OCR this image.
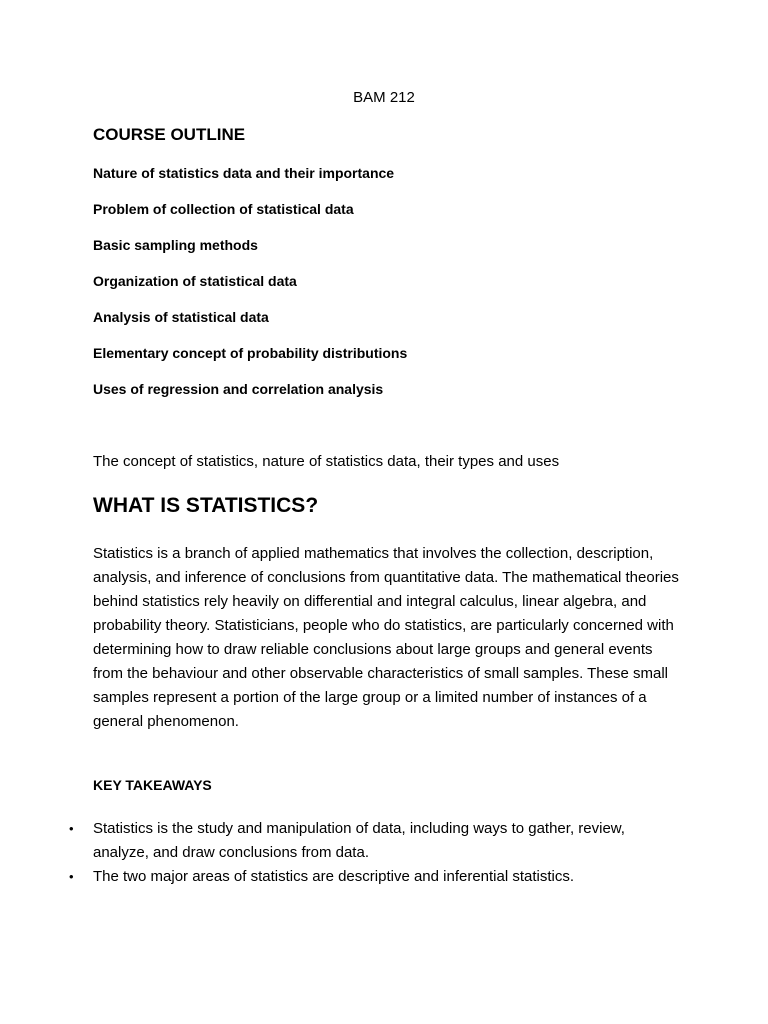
BAM 212
COURSE OUTLINE
Nature of statistics data and their importance
Problem of collection of statistical data
Basic sampling methods
Organization of statistical data
Analysis of statistical data
Elementary concept of probability distributions
Uses of regression and correlation analysis
The concept of statistics, nature of statistics data, their types and uses
WHAT IS STATISTICS?

Statistics is a branch of applied mathematics that involves the collection, description, analysis, and inference of conclusions from quantitative data. The mathematical theories behind statistics rely heavily on differential and integral calculus, linear algebra, and probability theory. Statisticians, people who do statistics, are particularly concerned with determining how to draw reliable conclusions about large groups and general events from the behaviour and other observable characteristics of small samples. These small samples represent a portion of the large group or a limited number of instances of a general phenomenon.

KEY TAKEAWAYS
• Statistics is the study and manipulation of data, including ways to gather, review, analyze, and draw conclusions from data.
• The two major areas of statistics are descriptive and inferential statistics.
